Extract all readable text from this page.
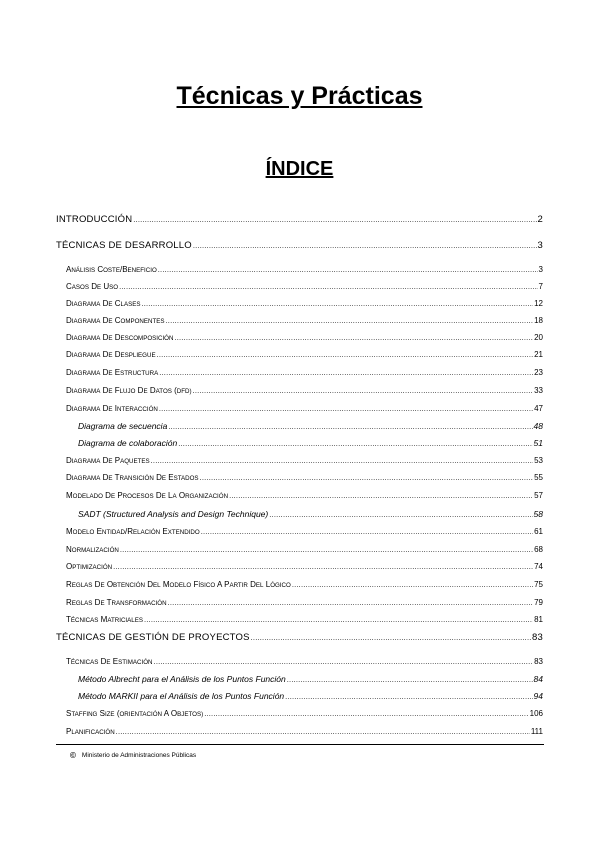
Técnicas y Prácticas
ÍNDICE
INTRODUCCIÓN .....	2
TÉCNICAS DE DESARROLLO .....	3
ANÁLISIS COSTE/BENEFICIO .....	3
CASOS DE USO .....	7
DIAGRAMA DE CLASES .....	12
DIAGRAMA DE COMPONENTES .....	18
DIAGRAMA DE DESCOMPOSICIÓN .....	20
DIAGRAMA DE DESPLIEGUE .....	21
DIAGRAMA DE ESTRUCTURA .....	23
DIAGRAMA DE FLUJO DE DATOS (DFD) .....	33
DIAGRAMA DE INTERACCIÓN .....	47
Diagrama de secuencia .....	48
Diagrama de colaboración .....	51
DIAGRAMA DE PAQUETES .....	53
DIAGRAMA DE TRANSICIÓN DE ESTADOS .....	55
MODELADO DE PROCESOS DE LA ORGANIZACIÓN .....	57
SADT (Structured Analysis and Design Technique) .....	58
MODELO ENTIDAD/RELACIÓN EXTENDIDO .....	61
NORMALIZACIÓN .....	68
OPTIMIZACIÓN .....	74
REGLAS DE OBTENCIÓN DEL MODELO FÍSICO A PARTIR DEL LÓGICO .....	75
REGLAS DE TRANSFORMACIÓN .....	79
TÉCNICAS MATRICIALES .....	81
TÉCNICAS DE GESTIÓN DE PROYECTOS .....	83
TÉCNICAS DE ESTIMACIÓN .....	83
Método Albrecht para el Análisis de los Puntos Función .....	84
Método MARKII para el Análisis de los Puntos Función .....	94
STAFFING SIZE (ORIENTACIÓN A OBJETOS) .....	106
PLANIFICACIÓN .....	111
© Ministerio de Administraciones Públicas
